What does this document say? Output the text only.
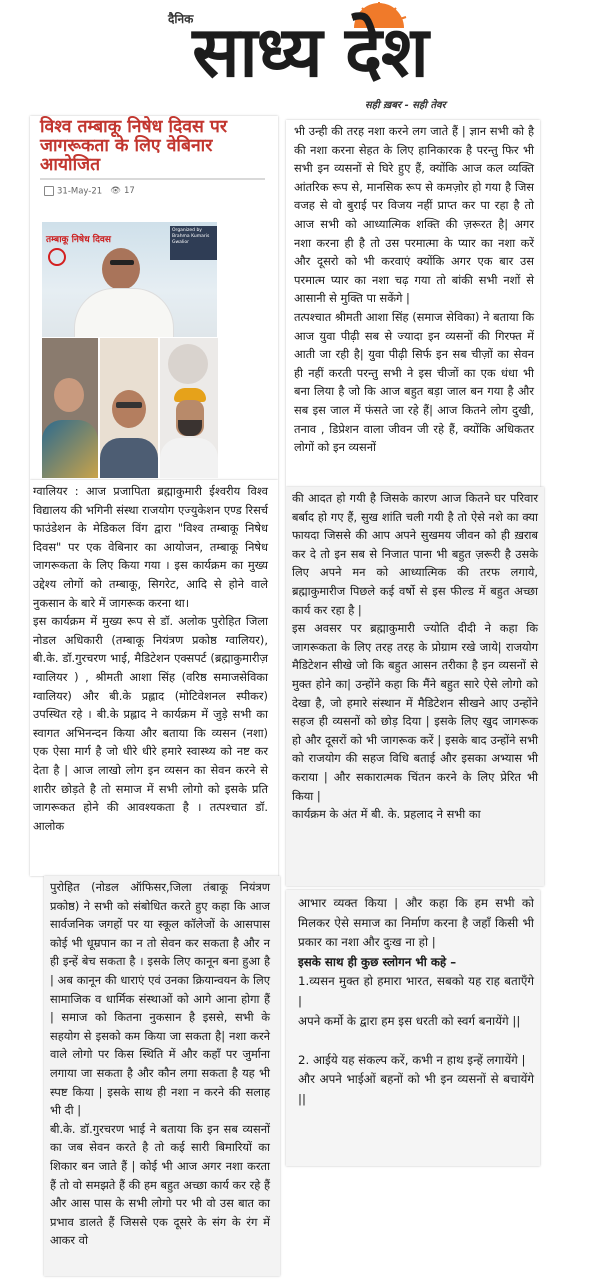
दैनिक
साध्य देश
सही ख़बर - सही तेवर
विश्व तम्बाकू निषेध दिवस पर जागरूकता के लिए वेबिनार आयोजित
31-May-21 👁 17
तम्बाकू निषेध दिवस
Organized by
Brahma Kumaris
Gwalior

ग्वालियर : आज प्रजापिता ब्रह्माकुमारी ईश्वरीय विश्व विद्यालय की भगिनी संस्था राजयोग एज्युकेशन एण्ड रिसर्च फाउंडेशन के मेडिकल विंग द्वारा "विश्व तम्बाकू निषेध दिवस" पर एक वेबिनार का आयोजन, तम्बाकू निषेध जागरूकता के लिए किया गया । इस कार्यक्रम का मुख्य उद्देश्य लोगों को तम्बाकू, सिगरेट, आदि से होने वाले नुकसान के बारे में जागरूक करना था।

इस कार्यक्रम में मुख्य रूप से डॉ. अलोक पुरोहित जिला नोडल अधिकारी (तम्बाकू नियंत्रण प्रकोष्ठ ग्वालियर), बी.के. डॉ.गुरचरण भाई, मैडिटेशन एक्सपर्ट (ब्रह्माकुमारीज़ ग्वालियर ) , श्रीमती आशा सिंह (वरिष्ठ समाजसेविका ग्वालियर) और बी.के प्रह्लाद (मोटिवेशनल स्पीकर) उपस्थित रहे । बी.के प्रह्लाद ने कार्यक्रम में जुड़े सभी का स्वागत अभिनन्दन किया और बताया कि व्यसन (नशा) एक ऐसा मार्ग है जो धीरे धीरे हमारे स्वास्थ्य को नष्ट कर देता है | आज लाखो लोग इन व्यसन का सेवन करने से शारीर छोड़ते है तो समाज में सभी लोगो को इसके प्रति जागरूकत होने की आवश्यकता है । तत्पश्चात डॉ. आलोक

पुरोहित (नोडल ऑफिसर,जिला तंबाकू नियंत्रण प्रकोष्ठ) ने सभी को संबोधित करते हुए कहा कि आज सार्वजनिक जगहों पर या स्कूल कॉलेजों के आसपास कोई भी धूम्रपान का न तो सेवन कर सकता है और न ही इन्हें बेच सकता है । इसके लिए कानून बना हुआ है | अब कानून की धाराएं एवं उनका क्रियान्वयन के लिए सामाजिक व धार्मिक संस्थाओं को आगे आना होगा हैं | समाज को कितना नुकसान है इससे, सभी के सहयोग से इसको कम किया जा सकता है| नशा करने वाले लोगो पर किस स्थिति में और कहाँ पर जुर्माना लगाया जा सकता है और कौन लगा सकता है यह भी स्पष्ट किया | इसके साथ ही नशा न करने की सलाह भी दी |

बी.के. डॉ.गुरचरण भाई ने बताया कि इन सब व्यसनों का जब सेवन करते है तो कई सारी बिमारियों का शिकार बन जाते हैं | कोई भी आज अगर नशा करता हैं तो वो समझते हैं की हम बहुत अच्छा कार्य कर रहे हैं और आस पास के सभी लोगो पर भी वो उस बात का प्रभाव डालते हैं जिससे एक दूसरे के संग के रंग में आकर वो

भी उन्ही की तरह नशा करने लग जाते हैं | ज्ञान सभी को है की नशा करना सेहत के लिए हानिकारक है परन्तु फिर भी सभी इन व्यसनों से घिरे हुए हैं, क्योंकि आज कल व्यक्ति आंतरिक रूप से, मानसिक रूप से कमज़ोर हो गया है जिस वजह से वो बुराई पर विजय नहीं प्राप्त कर पा रहा है तो आज सभी को आध्यात्मिक शक्ति की ज़रूरत है| अगर नशा करना ही है तो उस परमात्मा के प्यार का नशा करें और दूसरो को भी करवाएं क्योंकि अगर एक बार उस परमात्म प्यार का नशा चढ़ गया तो बांकी सभी नशों से आसानी से मुक्ति पा सकेंगे |

तत्पश्चात श्रीमती आशा सिंह (समाज सेविका) ने बताया कि आज युवा पीढ़ी सब से ज्यादा इन व्यसनों की गिरफ्त में आती जा रही है| युवा पीढ़ी सिर्फ इन सब चीज़ों का सेवन ही नहीं करती परन्तु सभी ने इस चीजों का एक धंधा भी बना लिया है जो कि आज बहुत बड़ा जाल बन गया है और सब इस जाल में फंसते जा रहे हैं| आज कितने लोग दुखी, तनाव , डिप्रेशन वाला जीवन जी रहे हैं, क्योंकि अधिकतर लोगों को इन व्यसनों

की आदत हो गयी है जिसके कारण आज कितने घर परिवार बर्बाद हो गए हैं, सुख शांति चली गयी है तो ऐसे नशे का क्या फायदा जिससे की आप अपने सुखमय जीवन को ही ख़राब कर दे तो इन सब से निजात पाना भी बहुत ज़रूरी है उसके लिए अपने मन को आध्यात्मिक की तरफ लगाये, ब्रह्माकुमारीज पिछले कई वर्षो से इस फील्ड में बहुत अच्छा कार्य कर रहा है |

इस अवसर पर ब्रह्माकुमारी ज्योति दीदी ने कहा कि जागरूकता के लिए तरह तरह के प्रोग्राम रखे जाये| राजयोग मैडिटेशन सीखे जो कि बहुत आसन तरीका है इन व्यसनों से मुक्त होने का| उन्होंने कहा कि मैंने बहुत सारे ऐसे लोगो को देखा है, जो हमारे संस्थान में मैडिटेशन सीखने आए उन्होंने सहज ही व्यसनों को छोड़ दिया | इसके लिए खुद जागरूक हो और दूसरों को भी जागरूक करें | इसके बाद उन्होंने सभी को राजयोग की सहज विधि बताई और इसका अभ्यास भी कराया | और सकारात्मक चिंतन करने के लिए प्रेरित भी किया |

कार्यक्रम के अंत में बी. के. प्रहलाद ने सभी का

आभार व्यक्त किया | और कहा कि हम सभी को मिलकर ऐसे समाज का निर्माण करना है जहाँ किसी भी प्रकार का नशा और दुःख ना हो |

इसके साथ ही कुछ स्लोगन भी कहे –

1.व्यसन मुक्त हो हमारा भारत, सबको यह राह बताएँगे |

अपने कर्मो के द्वारा हम इस धरती को स्वर्ग बनायेंगे ||

2. आईये यह संकल्प करें, कभी न हाथ इन्हें लगायेंगे |

और अपने भाईओं बहनों को भी इन व्यसनों से बचायेंगे ||
